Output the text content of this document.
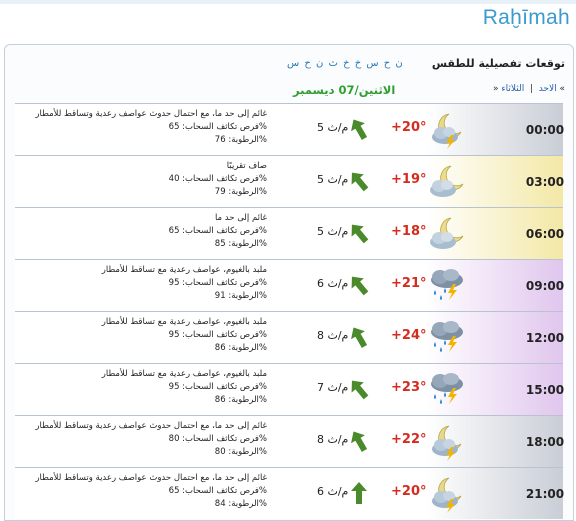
Raḫīmah
توقعات تفصيلية للطقس
ن ح س خ خ ث ن ح س
»	الاحد  |  الثلاثاء	«
الاثنين/07 ديسمبر
00:00
+20°
5 م/ث
غائم إلى حد ما، مع احتمال حدوث عواصف رعدية وتساقط للأمطار
فرص تكاثف السحاب: 65%
الرطوبة: 76%
03:00
+19°
5 م/ث
صاف تقريبًا
فرص تكاثف السحاب: 40%
الرطوبة: 79%
06:00
+18°
5 م/ث
غائم إلى حد ما
فرص تكاثف السحاب: 65%
الرطوبة: 85%
09:00
+21°
6 م/ث
ملبد بالغيوم، عواصف رعدية مع تساقط للأمطار
فرص تكاثف السحاب: 95%
الرطوبة: 91%
12:00
+24°
8 م/ث
ملبد بالغيوم، عواصف رعدية مع تساقط للأمطار
فرص تكاثف السحاب: 95%
الرطوبة: 86%
15:00
+23°
7 م/ث
ملبد بالغيوم، عواصف رعدية مع تساقط للأمطار
فرص تكاثف السحاب: 95%
الرطوبة: 86%
18:00
+22°
8 م/ث
غائم إلى حد ما، مع احتمال حدوث عواصف رعدية وتساقط للأمطار
فرص تكاثف السحاب: 80%
الرطوبة: 80%
21:00
+20°
6 م/ث
غائم إلى حد ما، مع احتمال حدوث عواصف رعدية وتساقط للأمطار
فرص تكاثف السحاب: 65%
الرطوبة: 84%
